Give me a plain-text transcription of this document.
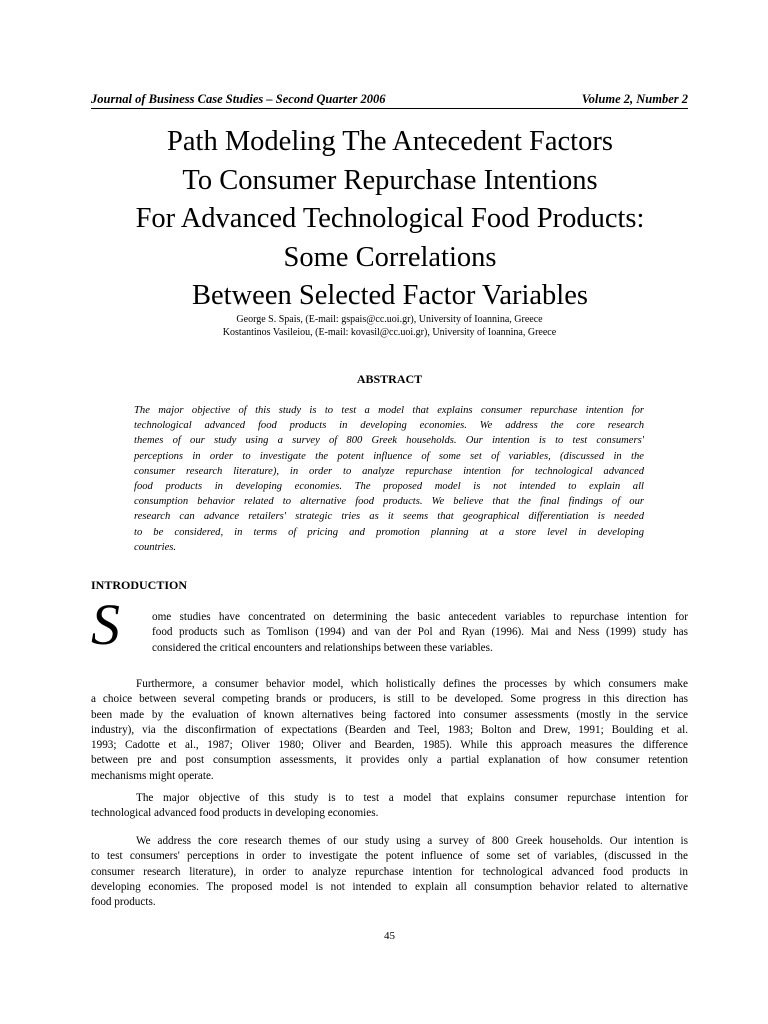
Journal of Business Case Studies – Second Quarter 2006	Volume 2, Number 2
Path Modeling The Antecedent Factors
To Consumer Repurchase Intentions
For Advanced Technological Food Products:
Some Correlations
Between Selected Factor Variables
George S. Spais, (E-mail: gspais@cc.uoi.gr), University of Ioannina, Greece
Kostantinos Vasileiou, (E-mail: kovasil@cc.uoi.gr), University of Ioannina, Greece
ABSTRACT
The major objective of this study is to test a model that explains consumer repurchase intention for
technological advanced food products in developing economies. We address the core research
themes of our study using a survey of 800 Greek households. Our intention is to test consumers'
perceptions in order to investigate the potent influence of some set of variables, (discussed in the
consumer research literature), in order to analyze repurchase intention for technological advanced
food products in developing economies. The proposed model is not intended to explain all
consumption behavior related to alternative food products. We believe that the final findings of our
research can advance retailers' strategic tries as it seems that geographical differentiation is needed
to be considered, in terms of pricing and promotion planning at a store level in developing
countries.
INTRODUCTION
S	ome studies have concentrated on determining the basic antecedent variables to repurchase intention for
food products such as Tomlison (1994) and van der Pol and Ryan (1996). Mai and Ness (1999) study has
considered the critical encounters and relationships between these variables.
Furthermore, a consumer behavior model, which holistically defines the processes by which consumers make
a choice between several competing brands or producers, is still to be developed. Some progress in this direction has
been made by the evaluation of known alternatives being factored into consumer assessments (mostly in the service
industry), via the disconfirmation of expectations (Bearden and Teel, 1983; Bolton and Drew, 1991; Boulding et al.
1993; Cadotte et al., 1987; Oliver 1980; Oliver and Bearden, 1985). While this approach measures the difference
between pre and post consumption assessments, it provides only a partial explanation of how consumer retention
mechanisms might operate.
The major objective of this study is to test a model that explains consumer repurchase intention for
technological advanced food products in developing economies.
We address the core research themes of our study using a survey of 800 Greek households. Our intention is
to test consumers' perceptions in order to investigate the potent influence of some set of variables, (discussed in the
consumer research literature), in order to analyze repurchase intention for technological advanced food products in
developing economies. The proposed model is not intended to explain all consumption behavior related to alternative
food products.
45
